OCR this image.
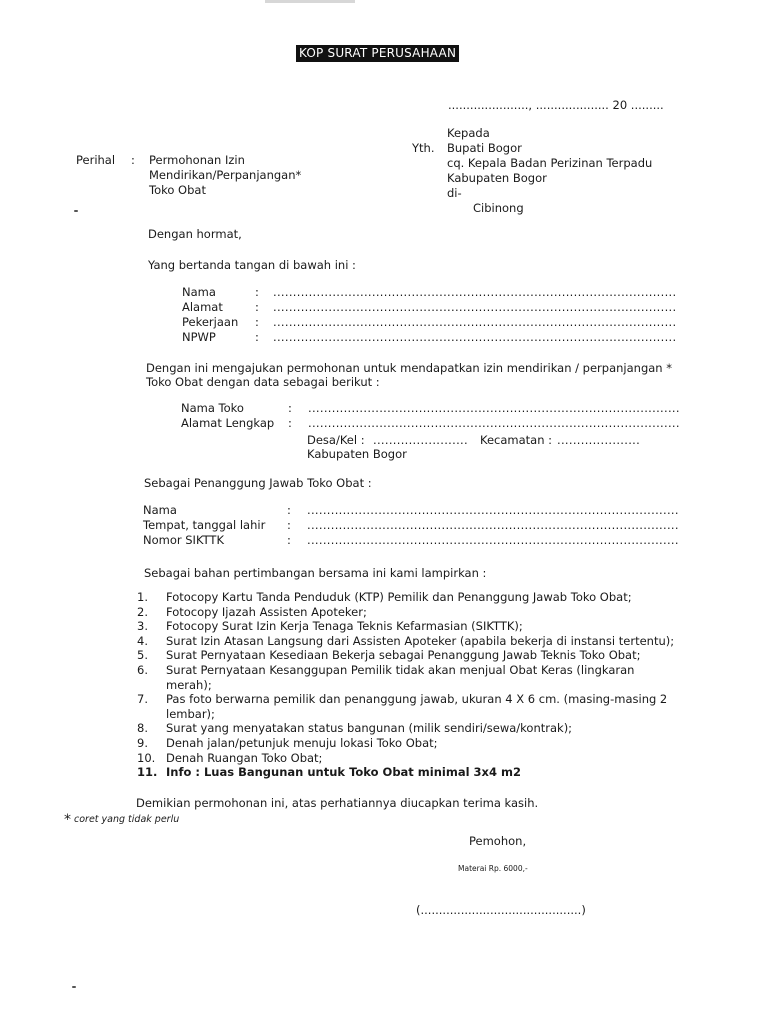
KOP SURAT PERUSAHAAN
......................, .................... 20 .........
Yth.
Kepada
Bupati Bogor
cq. Kepala Badan Perizinan Terpadu
Kabupaten Bogor
di-
Cibinong
Perihal : Permohonan Izin
Mendirikan/Perpanjangan*
Toko Obat
Dengan hormat,
Yang bertanda tangan di bawah ini :
Nama	:	......................................................................................................
Alamat	:	......................................................................................................
Pekerjaan	:	......................................................................................................
NPWP	:	......................................................................................................
Dengan ini mengajukan permohonan untuk mendapatkan izin mendirikan / perpanjangan * Toko Obat dengan data sebagai berikut :
Nama Toko	: ..............................................................................................
Alamat Lengkap : ..............................................................................................
Desa/Kel : ........................ Kecamatan : .....................
Kabupaten Bogor
Sebagai Penanggung Jawab Toko Obat :
Nama	:	..............................................................................................
Tempat, tanggal lahir	:	..............................................................................................
Nomor SIKTTK	:	..............................................................................................
Sebagai bahan pertimbangan bersama ini kami lampirkan :
1.	Fotocopy Kartu Tanda Penduduk (KTP) Pemilik dan Penanggung Jawab Toko Obat;
2.	Fotocopy Ijazah Assisten Apoteker;
3.	Fotocopy Surat Izin Kerja Tenaga Teknis Kefarmasian (SIKTTK);
4.	Surat Izin Atasan Langsung dari Assisten Apoteker (apabila bekerja di instansi tertentu);
5.	Surat Pernyataan Kesediaan Bekerja sebagai Penanggung Jawab Teknis Toko Obat;
6.	Surat Pernyataan Kesanggupan Pemilik tidak akan menjual Obat Keras (lingkaran merah);
7.	Pas foto berwarna pemilik dan penanggung jawab, ukuran 4 X 6 cm. (masing-masing 2 lembar);
8.	Surat yang menyatakan status bangunan (milik sendiri/sewa/kontrak);
9.	Denah jalan/petunjuk menuju lokasi Toko Obat;
10. Denah Ruangan Toko Obat;
11. Info : Luas Bangunan untuk Toko Obat minimal 3x4 m2
Demikian permohonan ini, atas perhatiannya diucapkan terima kasih.
* coret yang tidak perlu
Pemohon,
Materai Rp. 6000,-
(............................................)
